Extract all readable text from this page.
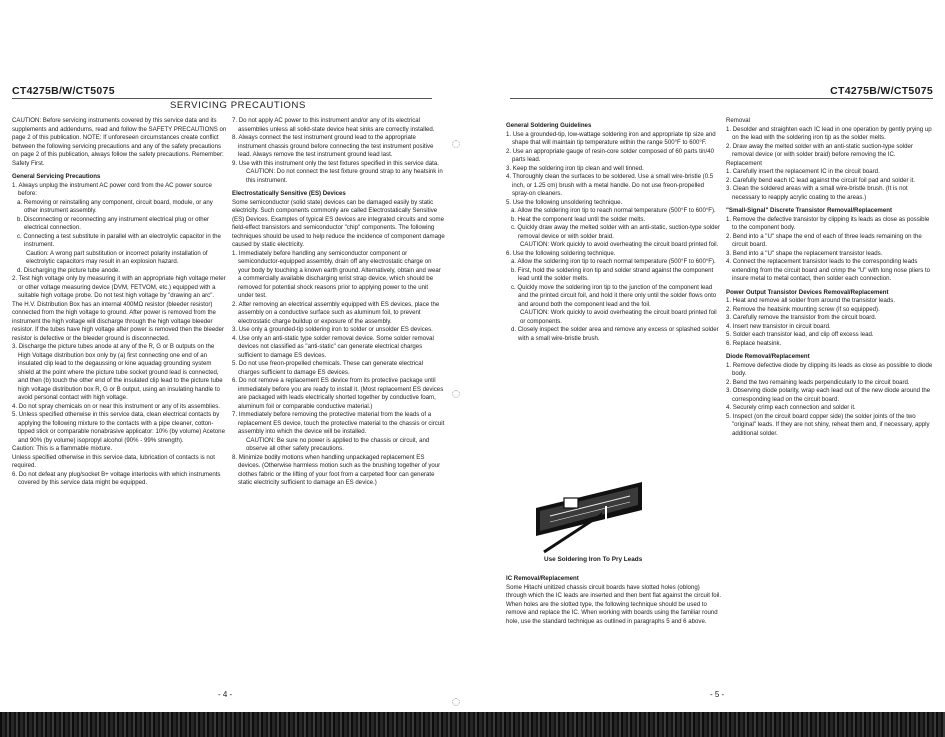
CT4275B/W/CT5075	CT4275B/W/CT5075
SERVICING PRECAUTIONS

CAUTION: Before servicing instruments covered by this service data and its supplements and addendums, read and follow the SAFETY PRECAUTIONS on page 2 of this publication. NOTE: If unforeseen circumstances create conflict between the following servicing precautions and any of the safety precautions on page 2 of this publication, always follow the safety precautions. Remember: Safety First.

General Servicing Precautions

1. Always unplug the instrument AC power cord from the AC power source before:

a. Removing or reinstalling any component, circuit board, module, or any other instrument assembly.

b. Disconnecting or reconnecting any instrument electrical plug or other electrical connection.

c. Connecting a test substitute in parallel with an electrolytic capacitor in the instrument.

Caution: A wrong part substitution or incorrect polarity installation of electrolytic capacitors may result in an explosion hazard.

d. Discharging the picture tube anode.

2. Test high voltage only by measuring it with an appropriate high voltage meter or other voltage measuring device (DVM, FETVOM, etc.) equipped with a suitable high voltage probe. Do not test high voltage by "drawing an arc".

The H.V. Distribution Box has an internal 400MΩ resistor (bleeder resistor) connected from the high voltage to ground. After power is removed from the instrument the high voltage will discharge through the high voltage bleeder resistor. If the tubes have high voltage after power is removed then the bleeder resistor is defective or the bleeder ground is disconnected.

3. Discharge the picture tubes anode at any of the R, G or B outputs on the High Voltage distribution box only by (a) first connecting one end of an insulated clip lead to the degaussing or kine aquadag grounding system shield at the point where the picture tube socket ground lead is connected, and then (b) touch the other end of the insulated clip lead to the picture tube high voltage distribution box R, G or B output, using an insulating handle to avoid personal contact with high voltage.

4. Do not spray chemicals on or near this instrument or any of its assemblies.

5. Unless specified otherwise in this service data, clean electrical contacts by applying the following mixture to the contacts with a pipe cleaner, cotton-tipped stick or comparable nonabrasive applicator: 10% (by volume) Acetone and 90% (by volume) isopropyl alcohol (90% - 99% strength).

Caution: This is a flammable mixture.

Unless specified otherwise in this service data, lubrication of contacts is not required.

6. Do not defeat any plug/socket B+ voltage interlocks with which instruments covered by this service data might be equipped.

7. Do not apply AC power to this instrument and/or any of its electrical assemblies unless all solid-state device heat sinks are correctly installed.

8. Always connect the test instrument ground lead to the appropriate instrument chassis ground before connecting the test instrument positive lead. Always remove the test instrument ground lead last.

9. Use with this instrument only the test fixtures specified in this service data.

CAUTION: Do not connect the test fixture ground strap to any heatsink in this instrument.

Electrostatically Sensitive (ES) Devices

Some semiconductor (solid state) devices can be damaged easily by static electricity. Such components commonly are called Electrostatically Sensitive (ES) Devices. Examples of typical ES devices are integrated circuits and some field-effect transistors and semiconductor "chip" components. The following techniques should be used to help reduce the incidence of component damage caused by static electricity.

1. Immediately before handling any semiconductor component or semiconductor-equipped assembly, drain off any electrostatic charge on your body by touching a known earth ground. Alternatively, obtain and wear a commercially available discharging wrist strap device, which should be removed for potential shock reasons prior to applying power to the unit under test.

2. After removing an electrical assembly equipped with ES devices, place the assembly on a conductive surface such as aluminum foil, to prevent electrostatic charge buildup or exposure of the assembly.

3. Use only a grounded-tip soldering iron to solder or unsolder ES devices.

4. Use only an anti-static type solder removal device. Some solder removal devices not classified as "anti-static" can generate electrical charges sufficient to damage ES devices.

5. Do not use freon-propelled chemicals. These can generate electrical charges sufficient to damage ES devices.

6. Do not remove a replacement ES device from its protective package until immediately before you are ready to install it. (Most replacement ES devices are packaged with leads electrically shorted together by conductive foam, aluminum foil or comparable conductive material.)

7. Immediately before removing the protective material from the leads of a replacement ES device, touch the protective material to the chassis or circuit assembly into which the device will be installed.

CAUTION: Be sure no power is applied to the chassis or circuit, and observe all other safety precautions.

8. Minimize bodily motions when handling unpackaged replacement ES devices. (Otherwise harmless motion such as the brushing together of your clothes fabric or the lifting of your foot from a carpeted floor can generate static electricity sufficient to damage an ES device.)

General Soldering Guidelines

1. Use a grounded-tip, low-wattage soldering iron and appropriate tip size and shape that will maintain tip temperature within the range 500°F to 600°F.

2. Use an appropriate gauge of resin-core solder composed of 60 parts tin/40 parts lead.

3. Keep the soldering iron tip clean and well tinned.

4. Thoroughly clean the surfaces to be soldered. Use a small wire-bristle (0.5 inch, or 1.25 cm) brush with a metal handle. Do not use freon-propelled spray-on cleaners.

5. Use the following unsoldering technique.

a. Allow the soldering iron tip to reach normal temperature (500°F to 600°F).

b. Heat the component lead until the solder melts.

c. Quickly draw away the melted solder with an anti-static, suction-type solder removal device or with solder braid.

CAUTION: Work quickly to avoid overheating the circuit board printed foil.

6. Use the following soldering technique.

a. Allow the soldering iron tip to reach normal temperature (500°F to 600°F).

b. First, hold the soldering iron tip and solder strand against the component lead until the solder melts.

c. Quickly move the soldering iron tip to the junction of the component lead and the printed circuit foil, and hold it there only until the solder flows onto and around both the component lead and the foil.

CAUTION: Work quickly to avoid overheating the circuit board printed foil or components.

d. Closely inspect the solder area and remove any excess or splashed solder with a small wire-bristle brush.

IC Removal/Replacement

Some Hitachi unitized chassis circuit boards have slotted holes (oblong) through which the IC leads are inserted and then bent flat against the circuit foil. When holes are the slotted type, the following technique should be used to remove and replace the IC. When working with boards using the familiar round hole, use the standard technique as outlined in paragraphs 5 and 6 above.

Removal

1. Desolder and straighten each IC lead in one operation by gently prying up on the lead with the soldering iron tip as the solder melts.

2. Draw away the melted solder with an anti-static suction-type solder removal device (or with solder braid) before removing the IC.

Replacement

1. Carefully insert the replacement IC in the circuit board.

2. Carefully bend each IC lead against the circuit foil pad and solder it.

3. Clean the soldered areas with a small wire-bristle brush. (It is not necessary to reapply acrylic coating to the areas.)

"Small-Signal" Discrete Transistor Removal/Replacement

1. Remove the defective transistor by clipping its leads as close as possible to the component body.

2. Bend into a "U" shape the end of each of three leads remaining on the circuit board.

3. Bend into a "U" shape the replacement transistor leads.

4. Connect the replacement transistor leads to the corresponding leads extending from the circuit board and crimp the "U" with long nose pliers to insure metal to metal contact, then solder each connection.

Power Output Transistor Devices Removal/Replacement

1. Heat and remove all solder from around the transistor leads.

2. Remove the heatsink mounting screw (if so equipped).

3. Carefully remove the transistor from the circuit board.

4. Insert new transistor in circuit board.

5. Solder each transistor lead, and clip off excess lead.

6. Replace heatsink.

Diode Removal/Replacement

1. Remove defective diode by clipping its leads as close as possible to diode body.

2. Bend the two remaining leads perpendicularly to the circuit board.

3. Observing diode polarity, wrap each lead out of the new diode around the corresponding lead on the circuit board.

4. Securely crimp each connection and solder it.

5. Inspect (on the circuit board copper side) the solder joints of the two "original" leads. If they are not shiny, reheat them and, if necessary, apply additional solder.

Use Soldering Iron To Pry Leads
- 4 -	- 5 -
